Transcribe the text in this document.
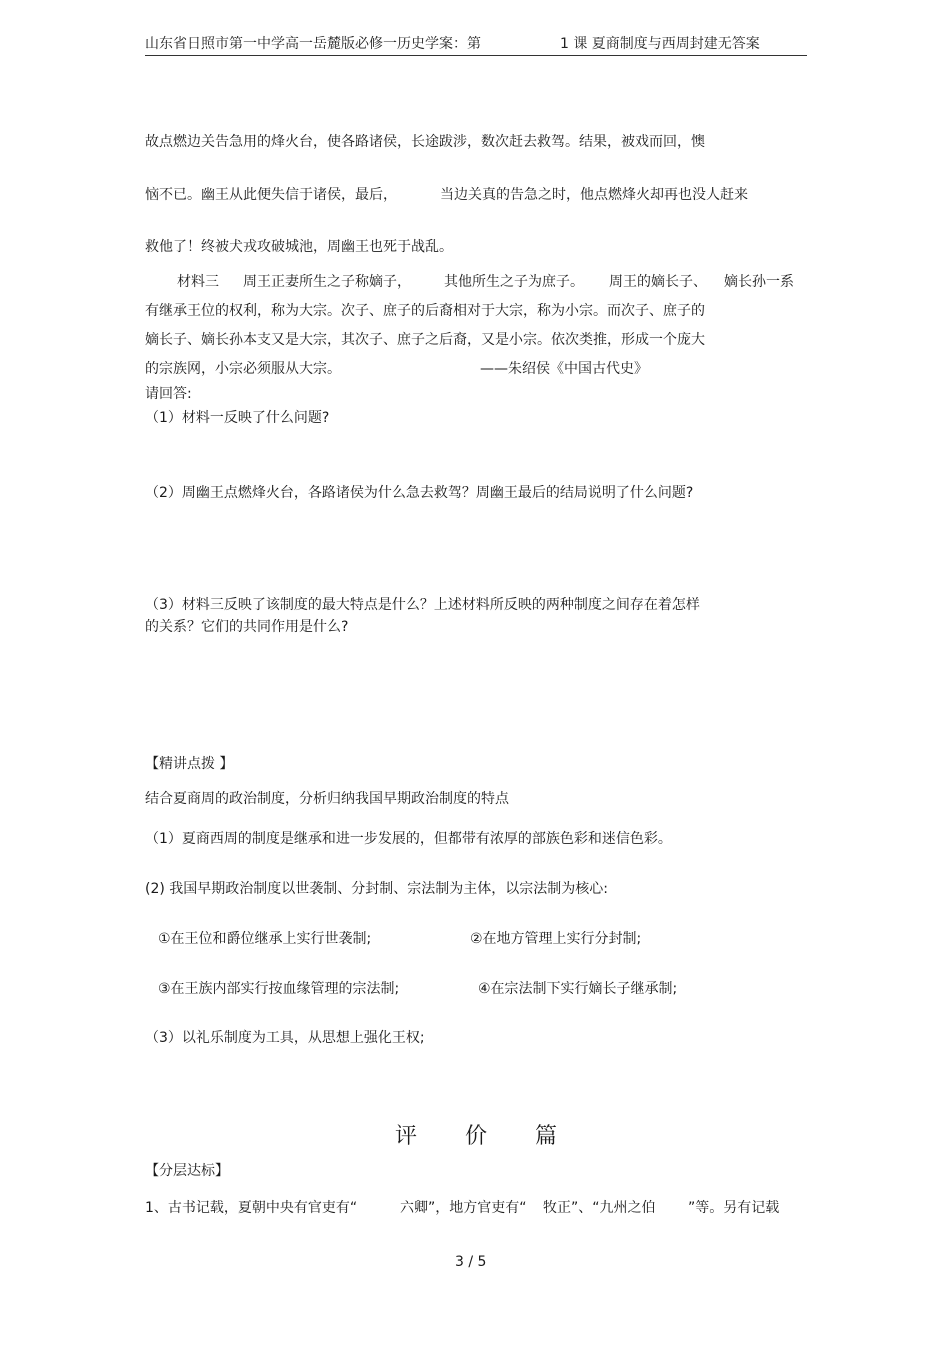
山东省日照市第一中学高一岳麓版必修一历史学案：第	1 课 夏商制度与西周封建无答案
故点燃边关告急用的烽火台，使各路诸侯，长途跋涉，数次赶去救驾。结果，被戏而回，懊
恼不已。幽王从此便失信于诸侯，最后，	当边关真的告急之时，他点燃烽火却再也没人赶来
救他了！终被犬戎攻破城池，周幽王也死于战乱。
材料三 周王正妻所生之子称嫡子， 其他所生之子为庶子。 周王的嫡长子、 嫡长孙一系
有继承王位的权利，称为大宗。次子、庶子的后裔相对于大宗，称为小宗。而次子、庶子的
嫡长子、嫡长孙本支又是大宗，其次子、庶子之后裔，又是小宗。依次类推，形成一个庞大
的宗族网，小宗必须服从大宗。	——朱绍侯《中国古代史》
请回答:
（1）材料一反映了什么问题?
（2）周幽王点燃烽火台，各路诸侯为什么急去救驾？周幽王最后的结局说明了什么问题?
（3）材料三反映了该制度的最大特点是什么？上述材料所反映的两种制度之间存在着怎样
的关系？它们的共同作用是什么?
【精讲点拨 】
结合夏商周的政治制度，分析归纳我国早期政治制度的特点
（1）夏商西周的制度是继承和进一步发展的，但都带有浓厚的部族色彩和迷信色彩。
(2) 我国早期政治制度以世袭制、分封制、宗法制为主体，以宗法制为核心:
①在王位和爵位继承上实行世袭制;	②在地方管理上实行分封制;
③在王族内部实行按血缘管理的宗法制;	④在宗法制下实行嫡长子继承制;
（3）以礼乐制度为工具，从思想上强化王权;
评 价 篇
【分层达标】
1、古书记载，夏朝中央有官吏有“	六卿”，地方官吏有“ 牧正”、“九州之伯 ”等。另有记载
3 / 5
